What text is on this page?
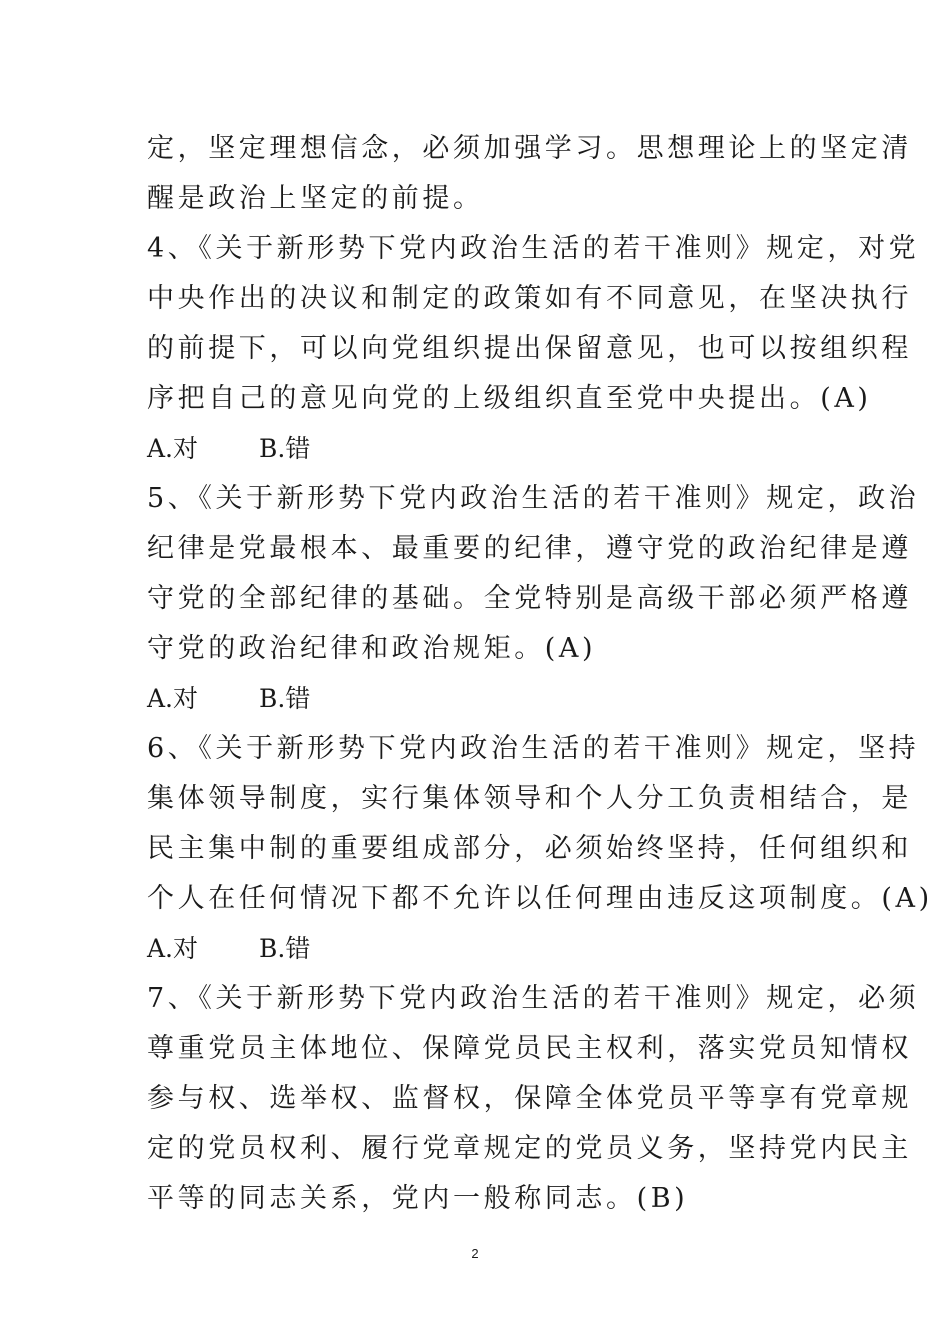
定，坚定理想信念，必须加强学习。思想理论上的坚定清
醒是政治上坚定的前提。
4、《关于新形势下党内政治生活的若干准则》规定，对党
中央作出的决议和制定的政策如有不同意见，在坚决执行
的前提下，可以向党组织提出保留意见，也可以按组织程
序把自己的意见向党的上级组织直至党中央提出。(A)
A.对 B.错
5、《关于新形势下党内政治生活的若干准则》规定，政治
纪律是党最根本、最重要的纪律，遵守党的政治纪律是遵
守党的全部纪律的基础。全党特别是高级干部必须严格遵
守党的政治纪律和政治规矩。(A)
A.对 B.错
6、《关于新形势下党内政治生活的若干准则》规定，坚持
集体领导制度，实行集体领导和个人分工负责相结合，是
民主集中制的重要组成部分，必须始终坚持，任何组织和
个人在任何情况下都不允许以任何理由违反这项制度。(A)
A.对 B.错
7、《关于新形势下党内政治生活的若干准则》规定，必须
尊重党员主体地位、保障党员民主权利，落实党员知情权
参与权、选举权、监督权，保障全体党员平等享有党章规
定的党员权利、履行党章规定的党员义务，坚持党内民主
平等的同志关系，党内一般称同志。(B)
2
